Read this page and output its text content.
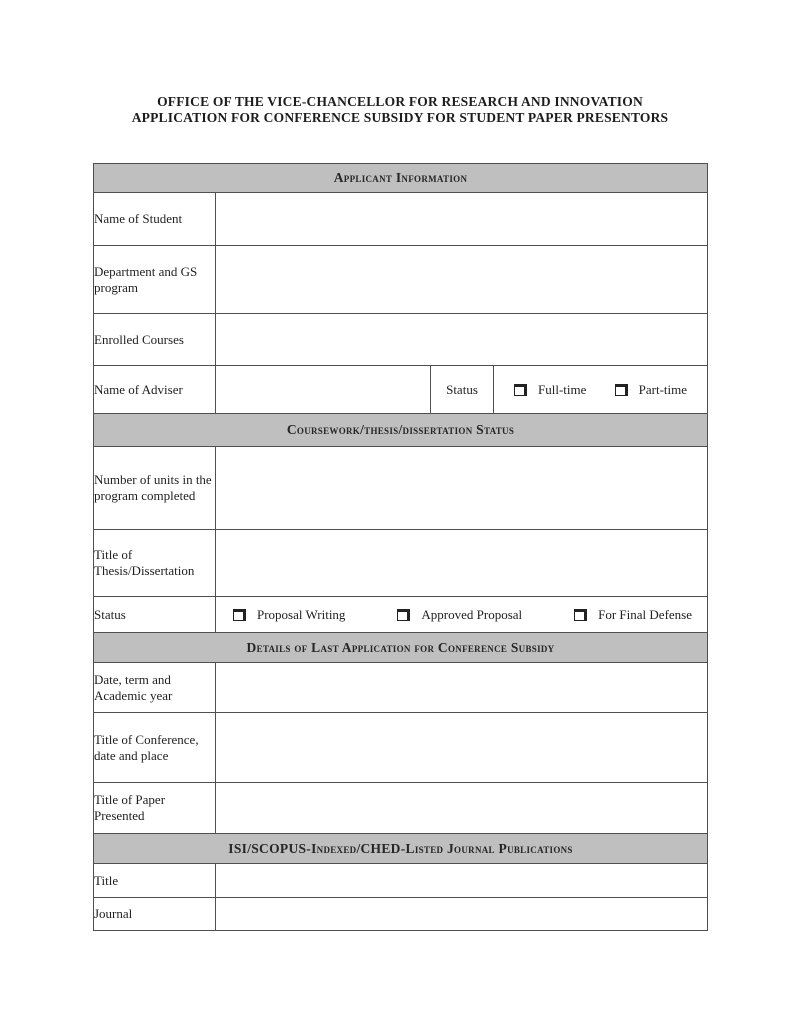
OFFICE OF THE VICE-CHANCELLOR FOR RESEARCH AND INNOVATION
APPLICATION FOR CONFERENCE SUBSIDY FOR STUDENT PAPER PRESENTORS
Applicant Information			
Name of Student			
Department and GS program			
Enrolled Courses			
Name of Adviser		Status	Full-time Part-time

Coursework/thesis/dissertation Status			
Number of units in the program completed			
Title of Thesis/Dissertation			
Status	Proposal Writing Approved Proposal For Final Defense		

Details of Last Application for Conference Subsidy			
Date, term and Academic year			
Title of Conference, date and place			
Title of Paper Presented			
ISI/SCOPUS-Indexed/CHED-Listed Journal Publications			
Title			
Journal			
